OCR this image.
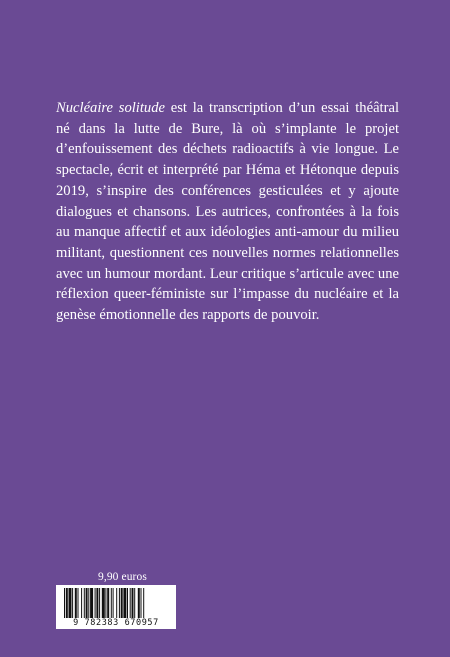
Nucléaire solitude est la transcription d’un essai théâtral né dans la lutte de Bure, là où s’implante le projet d’enfouissement des déchets radioactifs à vie longue. Le spectacle, écrit et interprété par Héma et Hétonque depuis 2019, s’inspire des conférences gesticulées et y ajoute dialogues et chansons. Les autrices, confrontées à la fois au manque affectif et aux idéologies anti-amour du milieu militant, questionnent ces nouvelles normes relationnelles avec un humour mordant. Leur critique s’articule avec une réflexion queer-féministe sur l’impasse du nucléaire et la genèse émotionnelle des rapports de pouvoir.

9,90 euros
9 782383 670957
